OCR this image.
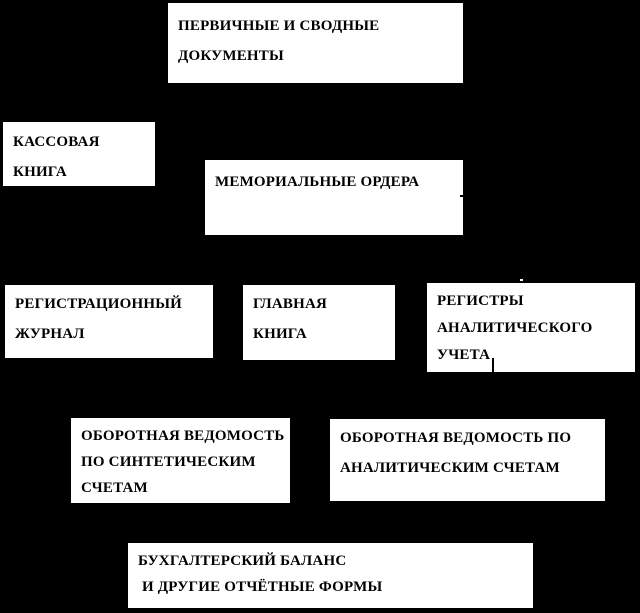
ПЕРВИЧНЫЕ И СВОДНЫЕ
ДОКУМЕНТЫ
КАССОВАЯ
КНИГА
МЕМОРИАЛЬНЫЕ ОРДЕРА
РЕГИСТРАЦИОННЫЙ
ЖУРНАЛ
ГЛАВНАЯ
КНИГА
РЕГИСТРЫ
АНАЛИТИЧЕСКОГО
УЧЕТА
ОБОРОТНАЯ ВЕДОМОСТЬ
ПО СИНТЕТИЧЕСКИМ
СЧЕТАМ
ОБОРОТНАЯ ВЕДОМОСТЬ ПО
АНАЛИТИЧЕСКИМ СЧЕТАМ
БУХГАЛТЕРСКИЙ БАЛАНС
И ДРУГИЕ ОТЧЁТНЫЕ ФОРМЫ
